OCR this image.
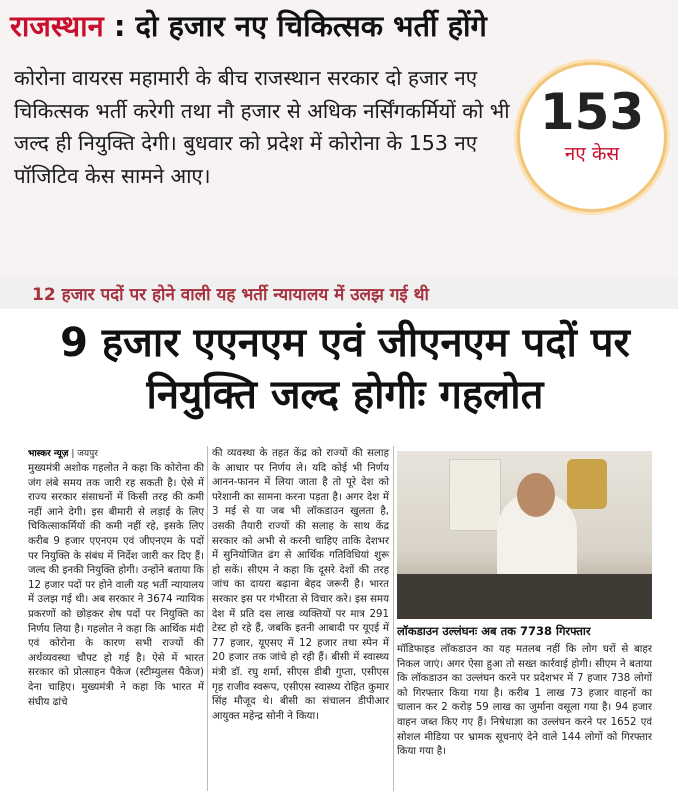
राजस्थान : दो हजार नए चिकित्सक भर्ती होंगे
कोरोना वायरस महामारी के बीच राजस्थान सरकार दो हजार नए चिकित्सक भर्ती करेगी तथा नौ हजार से अधिक नर्सिंगकर्मियों को भी जल्द ही नियुक्ति देगी। बुधवार को प्रदेश में कोरोना के 153 नए पॉजिटिव केस सामने आए।
153
नए केस
12 हजार पदों पर होने वाली यह भर्ती न्यायालय में उलझ गई थी
9 हजार एएनएम एवं जीएनएम पदों पर नियुक्ति जल्द होगीः गहलोत
भास्कर न्यूज़ | जयपुर
मुख्यमंत्री अशोक गहलोत ने कहा कि कोरोना की जंग लंबे समय तक जारी रह सकती है। ऐसे में राज्य सरकार संसाधनों में किसी तरह की कमी नहीं आने देगी। इस बीमारी से लड़ाई के लिए चिकित्साकर्मियों की कमी नहीं रहे, इसके लिए करीब 9 हजार एएनएम एवं जीएनएम के पदों पर नियुक्ति के संबंध में निर्देश जारी कर दिए हैं। जल्द की इनकी नियुक्ति होगी। उन्होंने बताया कि 12 हजार पदों पर होने वाली यह भर्ती न्यायालय में उलझ गई थी। अब सरकार ने 3674 न्यायिक प्रकरणों को छोड़कर शेष पदों पर नियुक्ति का निर्णय लिया है। गहलोत ने कहा कि आर्थिक मंदी एवं कोरोना के कारण सभी राज्यों की अर्थव्यवस्था चौपट हो गई है। ऐसे में भारत सरकार को प्रोत्साहन पैकेज (स्टीम्युलस पैकेज) देना चाहिए। मुख्यमंत्री ने कहा कि भारत में संघीय ढांचे
की व्यवस्था के तहत केंद्र को राज्यों की सलाह के आधार पर निर्णय ले। यदि कोई भी निर्णय आनन-फानन में लिया जाता है तो पूरे देश को परेशानी का सामना करना पड़ता है। अगर देश में 3 मई से या जब भी लॉकडाउन खुलता है, उसकी तैयारी राज्यों की सलाह के साथ केंद्र सरकार को अभी से करनी चाहिए ताकि देशभर में सुनियोजित ढंग से आर्थिक गतिविधियां शुरू हो सकें। सीएम ने कहा कि दूसरे देशों की तरह जांच का दायरा बढ़ाना बेहद जरूरी है। भारत सरकार इस पर गंभीरता से विचार करे। इस समय देश में प्रति दस लाख व्यक्तियों पर मात्र 291 टेस्ट हो रहे हैं, जबकि इतनी आबादी पर यूएई में 77 हजार, यूएसए में 12 हजार तथा स्पेन में 20 हजार तक जांचे हो रही हैं। बीसी में स्वास्थ्य मंत्री डॉ. रघु शर्मा, सीएस डीबी गुप्ता, एसीएस गृह राजीव स्वरूप, एसीएस स्वास्थ्य रोहित कुमार सिंह मौजूद थे। बीसी का संचालन डीपीआर आयुक्त महेन्द्र सोनी ने किया।
लॉकडाउन उल्लंघनः अब तक 7738 गिरफ्तार
मॉडिफाइड लॉकडाउन का यह मतलब नहीं कि लोग घरों से बाहर निकल जाएं। अगर ऐसा हुआ तो सख्त कार्रवाई होगी। सीएम ने बताया कि लॉकडाउन का उल्लंघन करने पर प्रदेशभर में 7 हजार 738 लोगों को गिरफ्तार किया गया है। करीब 1 लाख 73 हजार वाहनों का चालान कर 2 करोड़ 59 लाख का जुर्माना वसूला गया है। 94 हजार वाहन जब्त किए गए हैं। निषेधाज्ञा का उल्लंघन करने पर 1652 एवं सोशल मीडिया पर भ्रामक सूचनाएं देने वाले 144 लोगों को गिरफ्तार किया गया है।
